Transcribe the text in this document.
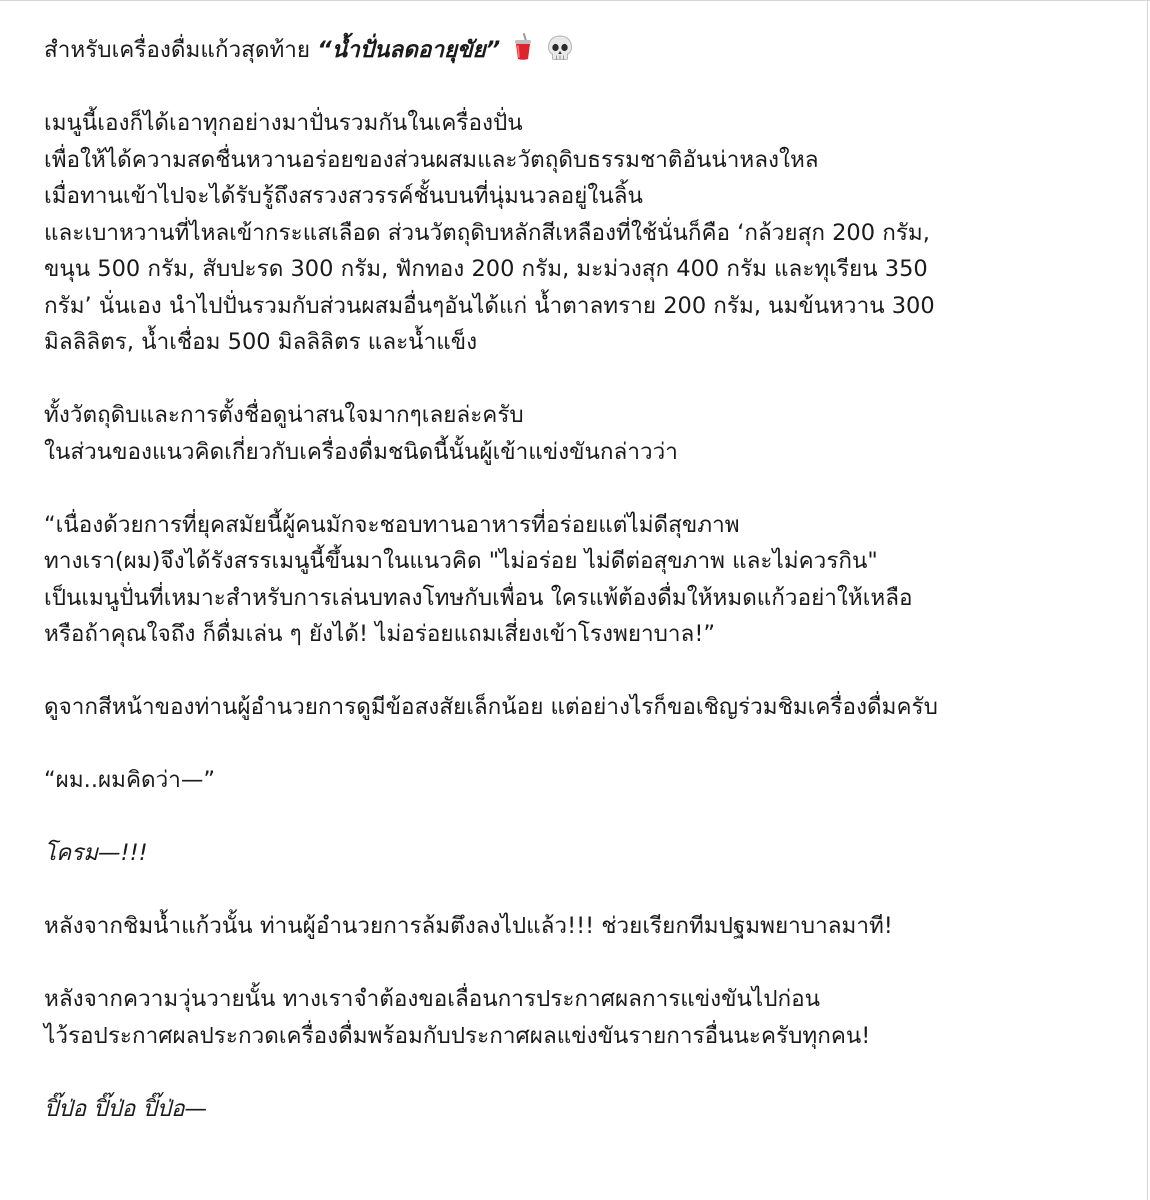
สำหรับเครื่องดื่มแก้วสุดท้าย “น้ำปั่นลดอายุขัย”
เมนูนี้เองก็ได้เอาทุกอย่างมาปั่นรวมกันในเครื่องปั่น
เพื่อให้ได้ความสดชื่นหวานอร่อยของส่วนผสมและวัตถุดิบธรรมชาติอันน่าหลงใหล
เมื่อทานเข้าไปจะได้รับรู้ถึงสรวงสวรรค์ชั้นบนที่นุ่มนวลอยู่ในลิ้น
และเบาหวานที่ไหลเข้ากระแสเลือด ส่วนวัตถุดิบหลักสีเหลืองที่ใช้นั่นก็คือ ‘กล้วยสุก 200 กรัม,
ขนุน 500 กรัม, สับปะรด 300 กรัม, ฟักทอง 200 กรัม, มะม่วงสุก 400 กรัม และทุเรียน 350
กรัม’ นั่นเอง นำไปปั่นรวมกับส่วนผสมอื่นๆอันได้แก่ น้ำตาลทราย 200 กรัม, นมข้นหวาน 300
มิลลิลิตร, น้ำเชื่อม 500 มิลลิลิตร และน้ำแข็ง
ทั้งวัตถุดิบและการตั้งชื่อดูน่าสนใจมากๆเลยล่ะครับ
ในส่วนของแนวคิดเกี่ยวกับเครื่องดื่มชนิดนี้นั้นผู้เข้าแข่งขันกล่าวว่า
“เนื่องด้วยการที่ยุคสมัยนี้ผู้คนมักจะชอบทานอาหารที่อร่อยแต่ไม่ดีสุขภาพ
ทางเรา(ผม)จึงได้รังสรรเมนูนี้ขึ้นมาในแนวคิด "ไม่อร่อย ไม่ดีต่อสุขภาพ และไม่ควรกิน"
เป็นเมนูปั่นที่เหมาะสำหรับการเล่นบทลงโทษกับเพื่อน ใครแพ้ต้องดื่มให้หมดแก้วอย่าให้เหลือ
หรือถ้าคุณใจถึง ก็ดื่มเล่น ๆ ยังได้! ไม่อร่อยแถมเสี่ยงเข้าโรงพยาบาล!”
ดูจากสีหน้าของท่านผู้อำนวยการดูมีข้อสงสัยเล็กน้อย แต่อย่างไรก็ขอเชิญร่วมชิมเครื่องดื่มครับ
“ผม..ผมคิดว่า—”
โครม—!!!
หลังจากชิมน้ำแก้วนั้น ท่านผู้อำนวยการล้มตึงลงไปแล้ว!!! ช่วยเรียกทีมปฐมพยาบาลมาที!
หลังจากความวุ่นวายนั้น ทางเราจำต้องขอเลื่อนการประกาศผลการแข่งขันไปก่อน
ไว้รอประกาศผลประกวดเครื่องดื่มพร้อมกับประกาศผลแข่งขันรายการอื่นนะครับทุกคน!
ปิ๊ป่อ ปิ๊ป่อ ปิ๊ป่อ—
